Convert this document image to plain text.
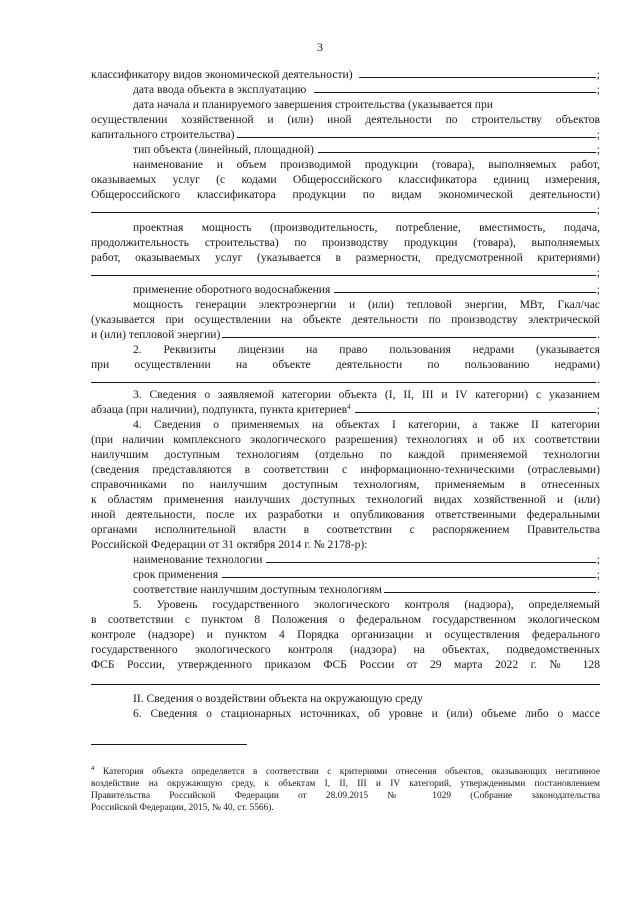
3
классификатору видов экономической деятельности)	;
дата ввода объекта в эксплуатацию	;
дата начала и планируемого завершения строительства (указывается при
осуществлении хозяйственной и (или) иной деятельности по строительству объектов
капитального строительства)	;
тип объекта (линейный, площадной)	;
наименование и объем производимой продукции (товара), выполняемых работ,
оказываемых услуг (с кодами Общероссийского классификатора единиц измерения,
Общероссийского классификатора продукции по видам экономической деятельности)
;
проектная мощность (производительность, потребление, вместимость, подача,
продолжительность строительства) по производству продукции (товара), выполняемых
работ, оказываемых услуг (указывается в размерности, предусмотренной критериями)
;
применение оборотного водоснабжения	;
мощность генерации электроэнергии и (или) тепловой энергии, МВт, Гкал/час
(указывается при осуществлении на объекте деятельности по производству электрической
и (или) тепловой энергии)	.
2. Реквизиты лицензии на право пользования недрами (указывается
при осуществлении на объекте деятельности по пользованию недрами)
.
3. Сведения о заявляемой категории объекта (I, II, III и IV категории) с указанием
абзаца (при наличии), подпункта, пункта критериев$^4$	;
4. Сведения о применяемых на объектах I категории, а также II категории
(при наличии комплексного экологического разрешения) технологиях и об их соответствии
наилучшим доступным технологиям (отдельно по каждой применяемой технологии
(сведения представляются в соответствии с информационно-техническими (отраслевыми)
справочниками по наилучшим доступным технологиям, применяемым в отнесенных
к областям применения наилучших доступных технологий видах хозяйственной и (или)
иной деятельности, после их разработки и опубликования ответственными федеральными
органами исполнительной власти в соответствии с распоряжением Правительства
Российской Федерации от 31 октября 2014 г. № 2178-р):
наименование технологии	;
срок применения	;
соответствие наилучшим доступным технологиям	.
5. Уровень государственного экологического контроля (надзора), определяемый
в соответствии с пунктом 8 Положения о федеральном государственном экологическом
контроле (надзоре) и пунктом 4 Порядка организации и осуществления федерального
государственного экологического контроля (надзора) на объектах, подведомственных
ФСБ России, утвержденного приказом ФСБ России от 29 марта 2022 г. № 128
II. Сведения о воздействии объекта на окружающую среду
6. Сведения о стационарных источниках, об уровне и (или) объеме либо о массе
$^4$ Категория объекта определяется в соответствии с критериями отнесения объектов, оказывающих негативное
воздействие на окружающую среду, к объектам I, II, III и IV категорий, утвержденными постановлением
Правительства Российской Федерации от 28.09.2015 № 1029 (Собрание законодательства
Российской Федерации, 2015, № 40, ст. 5566).
